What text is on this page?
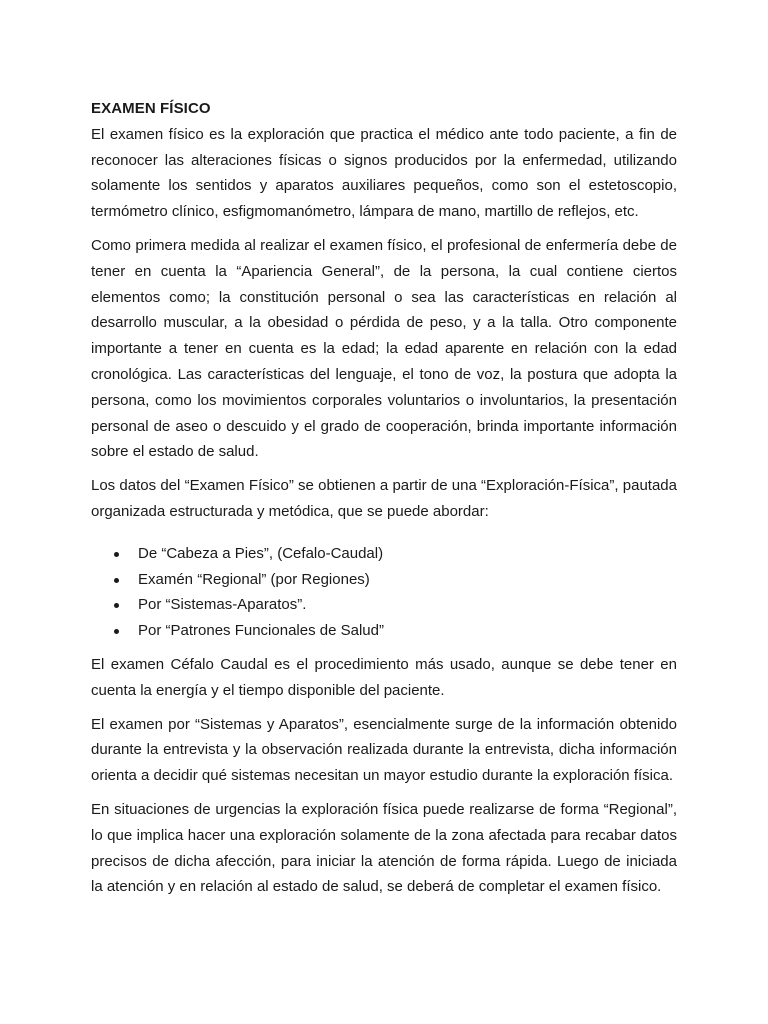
EXAMEN FÍSICO

El examen físico es la exploración que practica el médico ante todo paciente, a fin de reconocer las alteraciones físicas o signos producidos por la enfermedad, utilizando solamente los sentidos y aparatos auxiliares pequeños, como son el estetoscopio, termómetro clínico, esfigmomanómetro, lámpara de mano, martillo de reflejos, etc.

Como primera medida al realizar el examen físico, el profesional de enfermería debe de tener en cuenta la “Apariencia General”, de la persona, la cual contiene ciertos elementos como; la constitución personal o sea las características en relación al desarrollo muscular, a la obesidad o pérdida de peso, y a la talla. Otro componente importante a tener en cuenta es la edad; la edad aparente en relación con la edad cronológica. Las características del lenguaje, el tono de voz, la postura que adopta la persona, como los movimientos corporales voluntarios o involuntarios, la presentación personal de aseo o descuido y el grado de cooperación, brinda importante información sobre el estado de salud.

Los datos del “Examen Físico” se obtienen a partir de una “Exploración-Física”, pautada organizada estructurada y metódica, que se puede abordar:

De “Cabeza a Pies”, (Cefalo-Caudal)
Examén “Regional” (por Regiones)
Por “Sistemas-Aparatos”.
Por “Patrones Funcionales de Salud”

El examen Céfalo Caudal es el procedimiento más usado, aunque se debe tener en cuenta la energía y el tiempo disponible del paciente.

El examen por “Sistemas y Aparatos”, esencialmente surge de la información obtenido durante la entrevista y la observación realizada durante la entrevista, dicha información orienta a decidir qué sistemas necesitan un mayor estudio durante la exploración física.

En situaciones de urgencias la exploración física puede realizarse de forma “Regional”, lo que implica hacer una exploración solamente de la zona afectada para recabar datos precisos de dicha afección, para iniciar la atención de forma rápida. Luego de iniciada la atención y en relación al estado de salud, se deberá de completar el examen físico.
